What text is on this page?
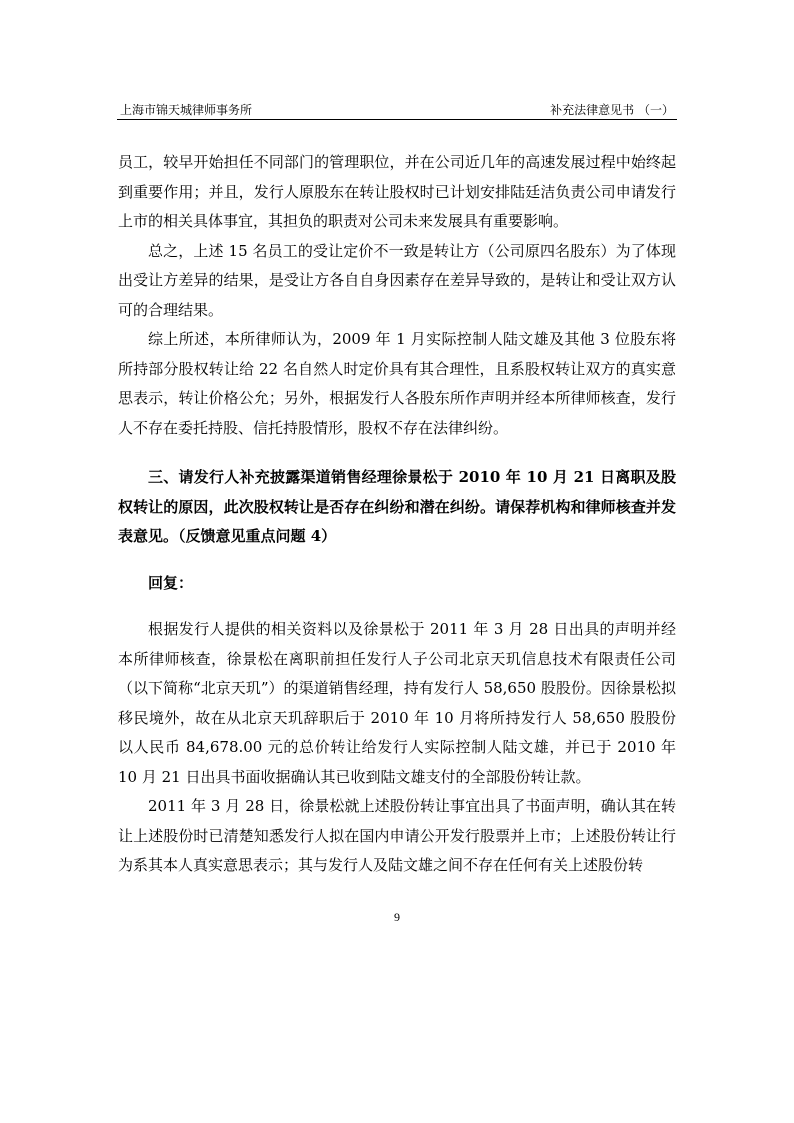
上海市锦天城律师事务所	补充法律意见书 （一）

员工，较早开始担任不同部门的管理职位，并在公司近几年的高速发展过程中始终起到重要作用；并且，发行人原股东在转让股权时已计划安排陆廷洁负责公司申请发行上市的相关具体事宜，其担负的职责对公司未来发展具有重要影响。

总之，上述 15 名员工的受让定价不一致是转让方（公司原四名股东）为了体现出受让方差异的结果，是受让方各自自身因素存在差异导致的，是转让和受让双方认可的合理结果。

综上所述，本所律师认为，2009 年 1 月实际控制人陆文雄及其他 3 位股东将所持部分股权转让给 22 名自然人时定价具有其合理性，且系股权转让双方的真实意思表示，转让价格公允；另外，根据发行人各股东所作声明并经本所律师核查，发行人不存在委托持股、信托持股情形，股权不存在法律纠纷。

三、请发行人补充披露渠道销售经理徐景松于 2010 年 10 月 21 日离职及股权转让的原因，此次股权转让是否存在纠纷和潜在纠纷。请保荐机构和律师核查并发表意见。（反馈意见重点问题 4）

回复：

根据发行人提供的相关资料以及徐景松于 2011 年 3 月 28 日出具的声明并经本所律师核查，徐景松在离职前担任发行人子公司北京天玑信息技术有限责任公司（以下简称“北京天玑”）的渠道销售经理，持有发行人 58,650 股股份。因徐景松拟移民境外，故在从北京天玑辞职后于 2010 年 10 月将所持发行人 58,650 股股份以人民币 84,678.00 元的总价转让给发行人实际控制人陆文雄，并已于 2010 年 10 月 21 日出具书面收据确认其已收到陆文雄支付的全部股份转让款。

2011 年 3 月 28 日，徐景松就上述股份转让事宜出具了书面声明，确认其在转让上述股份时已清楚知悉发行人拟在国内申请公开发行股票并上市；上述股份转让行为系其本人真实意思表示；其与发行人及陆文雄之间不存在任何有关上述股份转

9
